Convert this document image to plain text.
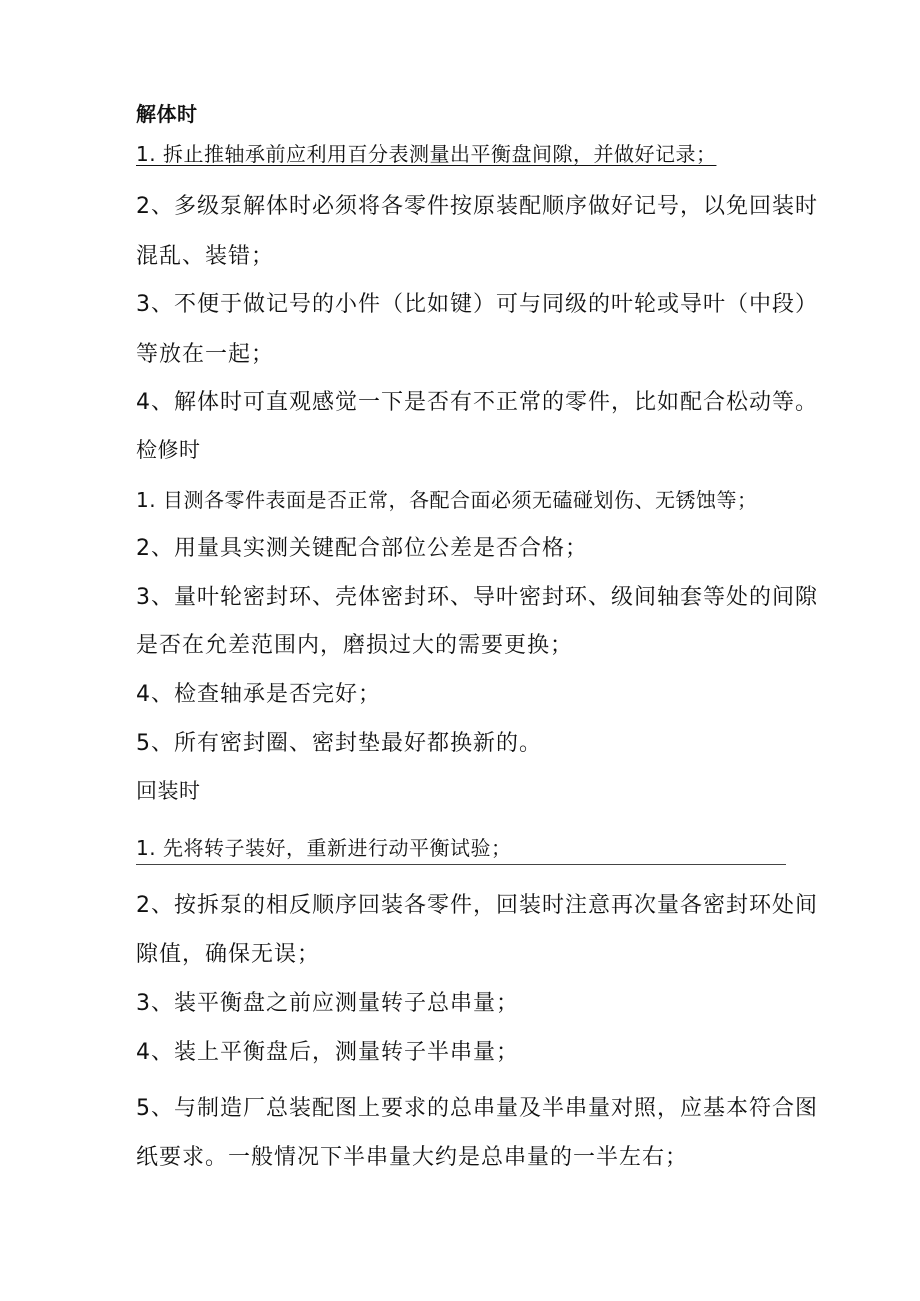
解体时
1. 拆止推轴承前应利用百分表测量出平衡盘间隙，并做好记录；
2、多级泵解体时必须将各零件按原装配顺序做好记号，以免回装时
混乱、装错；
3、不便于做记号的小件（比如键）可与同级的叶轮或导叶（中段）
等放在一起；
4、解体时可直观感觉一下是否有不正常的零件，比如配合松动等。
检修时
1. 目测各零件表面是否正常，各配合面必须无磕碰划伤、无锈蚀等；
2、用量具实测关键配合部位公差是否合格；
3、量叶轮密封环、壳体密封环、导叶密封环、级间轴套等处的间隙
是否在允差范围内，磨损过大的需要更换；
4、检查轴承是否完好；
5、所有密封圈、密封垫最好都换新的。
回装时
1. 先将转子装好，重新进行动平衡试验；
2、按拆泵的相反顺序回装各零件，回装时注意再次量各密封环处间
隙值，确保无误；
3、装平衡盘之前应测量转子总串量；
4、装上平衡盘后，测量转子半串量；
5、与制造厂总装配图上要求的总串量及半串量对照，应基本符合图
纸要求。一般情况下半串量大约是总串量的一半左右；
